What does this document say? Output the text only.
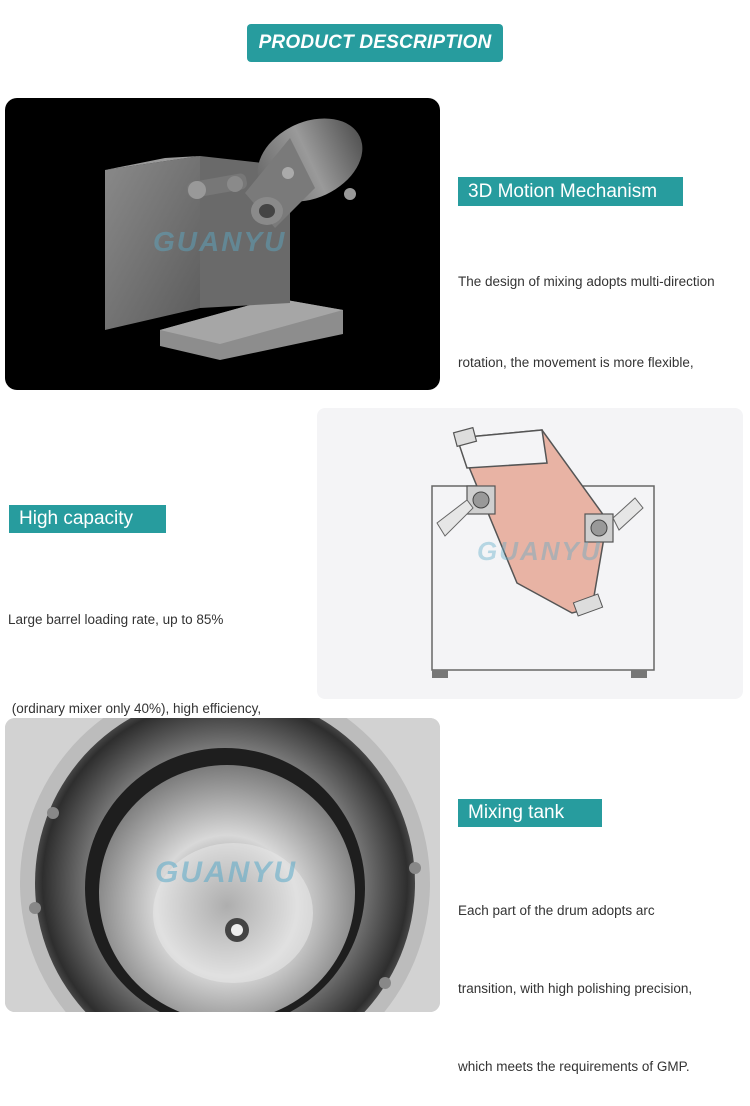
PRODUCT DESCRIPTION
GUANYU
3D Motion Mechanism

The design of mixing adopts multi-direction

rotation, the movement is more flexible,

High capacity

Large barrel loading rate, up to 85%

(ordinary mixer only 40%), high efficiency,

GUANYU
GUANYU
Mixing tank

Each part of the drum adopts arc

transition, with high polishing precision,

which meets the requirements of GMP.
